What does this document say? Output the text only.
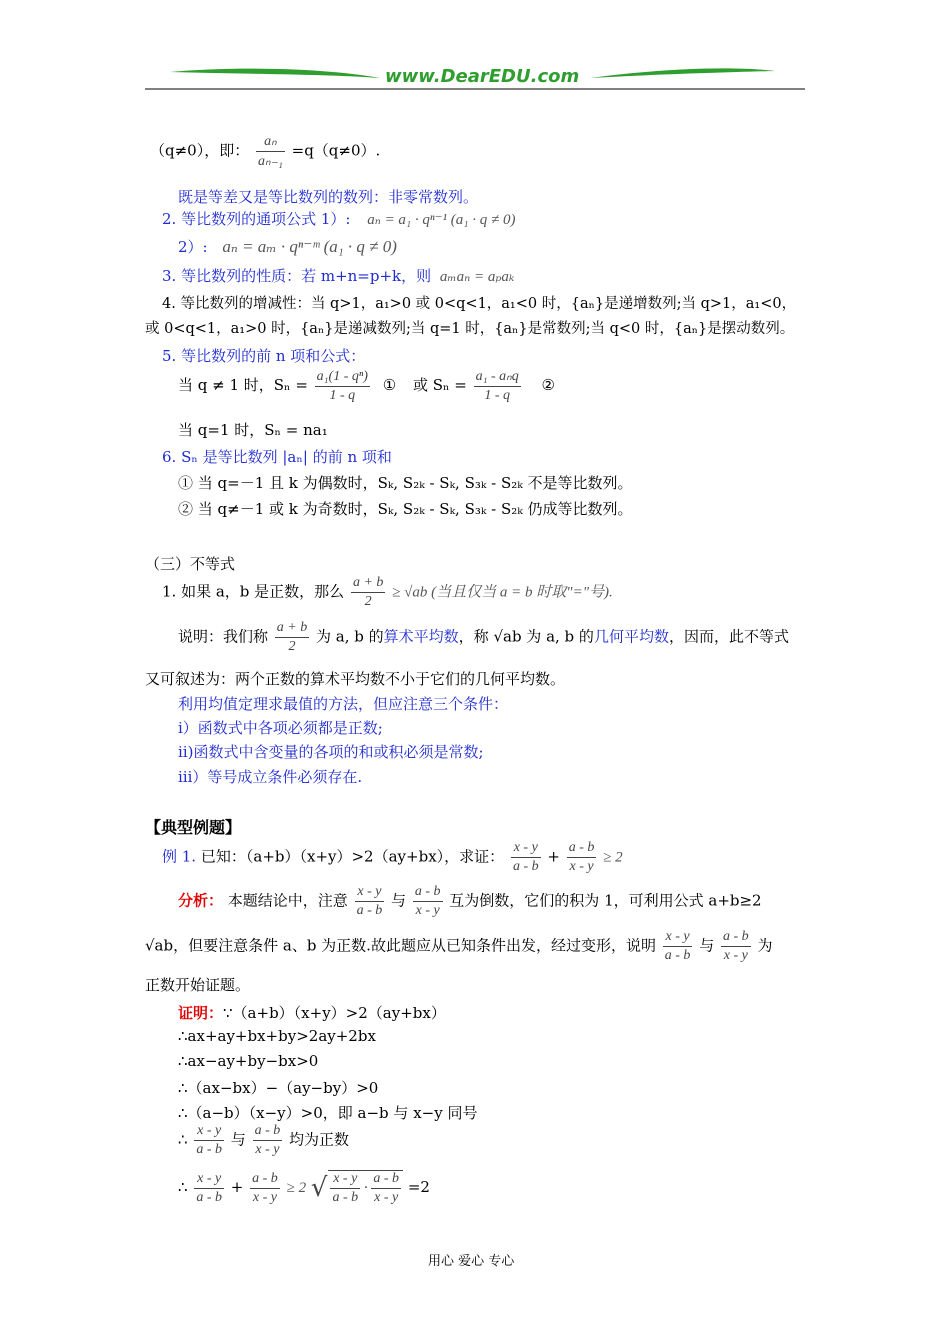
www.DearEDU.com
（q≠0），即： $\frac{\text{aₙ}}{\text{aₙ₋₁}} =q(q\ne 0)$.
既是等差又是等比数列的数列：非零常数列。
2. 等比数列的通项公式 1）: aₙ = a₁ · qⁿ⁻¹ (a₁ · q ≠ 0)
2）: aₙ = aₘ · qⁿ⁻ᵐ (a₁ · q ≠ 0)
3. 等比数列的性质：若 m+n=p+k，则 aₘaₙ = aₚaₖ
4. 等比数列的增减性：当 q>1，a₁>0 或 0<q<1，a₁<0 时，{aₙ}是递增数列;当 q>1，a₁<0，
或 0<q<1，a₁>0 时，{aₙ}是递减数列;当 q=1 时，{aₙ}是常数列;当 q<0 时，{aₙ}是摆动数列。
5. 等比数列的前 n 项和公式：
当 q ≠ 1 时，$S_n = \frac{\text{a₁(1 - qⁿ)}}{1 - q}$ ① 或 $S_n = \frac{\text{a₁ - aₙq}}{1 - q}$ ②
当 q=1 时，Sₙ = na₁
6. Sₙ 是等比数列 |aₙ| 的前 n 项和
① 当 q=－1 且 k 为偶数时，Sₖ, S₂ₖ - Sₖ, S₃ₖ - S₂ₖ 不是等比数列。
② 当 q≠－1 或 k 为奇数时，Sₖ, S₂ₖ - Sₖ, S₃ₖ - S₂ₖ 仍成等比数列。
（三）不等式
1. 如果 a，b 是正数，那么 $\frac{a + b}{2} \ge √ab$ (当且仅当 a = b 时取"="号).
说明：我们称 $\frac{a + b}{2}$ 为 a, b 的算术平均数，称 √ab 为 a, b 的几何平均数，因而，此不等式
又可叙述为：两个正数的算术平均数不小于它们的几何平均数。
利用均值定理求最值的方法，但应注意三个条件：
ⅰ）函数式中各项必须都是正数;
ⅱ)函数式中含变量的各项的和或积必须是常数;
ⅲ）等号成立条件必须存在.
【典型例题】
例 1. 已知：（a+b）（x+y）>2（ay+bx），求证： $\frac{x - y}{a - b} + \frac{a - b}{x - y} \ge 2$
分析： 本题结论中，注意 $\frac{x - y}{a - b}$ 与 $\frac{a - b}{x - y}$ 互为倒数，它们的积为 1，可利用公式 a+b≥2
√ab，但要注意条件 a、b 为正数.故此题应从已知条件出发，经过变形，说明 $\frac{x - y}{a - b}$ 与 $\frac{a - b}{x - y}$ 为
正数开始证题。
证明：∵（a+b）（x+y）>2（ay+bx）
∴ax+ay+bx+by>2ay+2bx
∴ax−ay+by−bx>0
∴（ax−bx）−（ay−by）>0
∴（a−b）（x−y）>0，即 a−b 与 x−y 同号
∴ $\frac{x - y}{a - b}$ 与 $\frac{a - b}{x - y}$ 均为正数
∴ $\frac{x - y}{a - b} + \frac{a - b}{x - y} \ge 2$ √ $\frac{x - y}{a - b} \cdot \frac{a - b}{x - y} =2$
用心 爱心 专心
